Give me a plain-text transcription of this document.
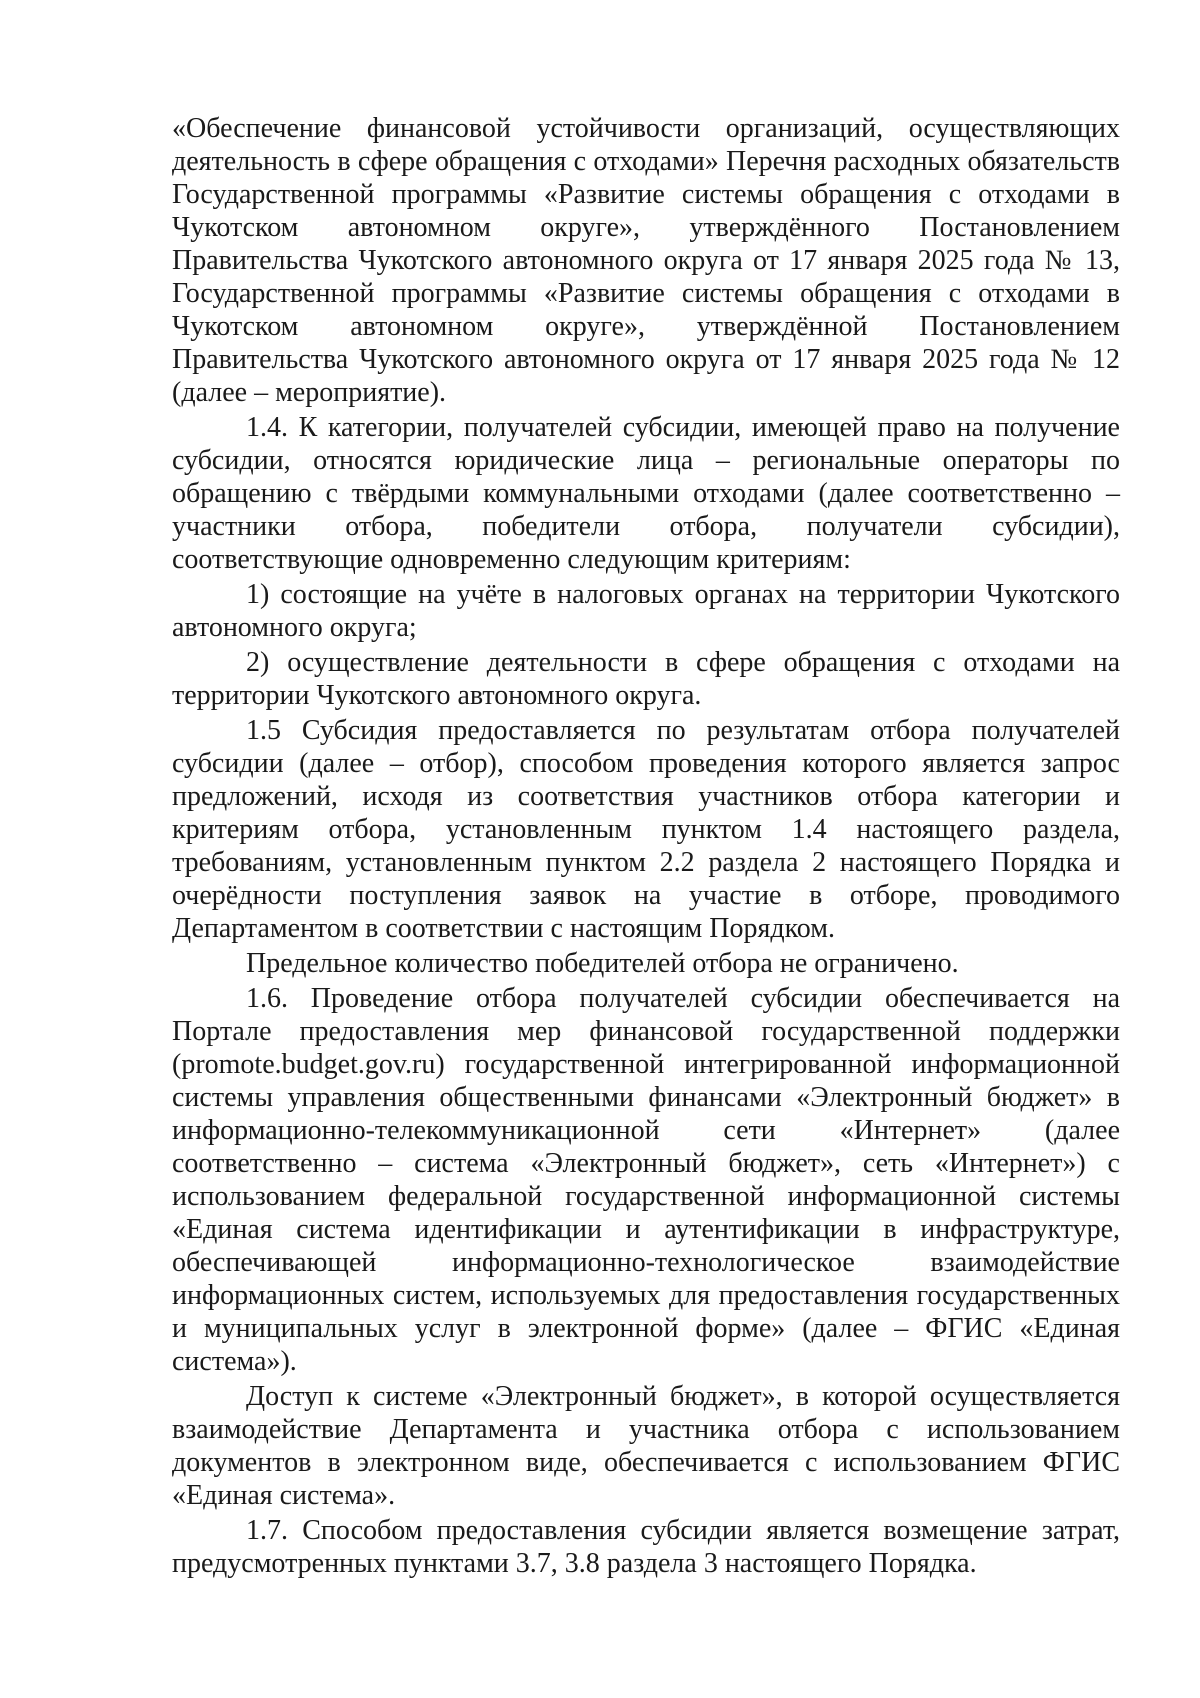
«Обеспечение финансовой устойчивости организаций, осуществляющих деятельность в сфере обращения с отходами» Перечня расходных обязательств Государственной программы «Развитие системы обращения с отходами в Чукотском автономном округе», утверждённого Постановлением Правительства Чукотского автономного округа от 17 января 2025 года № 13, Государственной программы «Развитие системы обращения с отходами в Чукотском автономном округе», утверждённой Постановлением Правительства Чукотского автономного округа от 17 января 2025 года № 12 (далее – мероприятие).

1.4. К категории, получателей субсидии, имеющей право на получение субсидии, относятся юридические лица – региональные операторы по обращению с твёрдыми коммунальными отходами (далее соответственно – участники отбора, победители отбора, получатели субсидии), соответствующие одновременно следующим критериям:

1) состоящие на учёте в налоговых органах на территории Чукотского автономного округа;

2) осуществление деятельности в сфере обращения с отходами на территории Чукотского автономного округа.

1.5 Субсидия предоставляется по результатам отбора получателей субсидии (далее – отбор), способом проведения которого является запрос предложений, исходя из соответствия участников отбора категории и критериям отбора, установленным пунктом 1.4 настоящего раздела, требованиям, установленным пунктом 2.2 раздела 2 настоящего Порядка и очерёдности поступления заявок на участие в отборе, проводимого Департаментом в соответствии с настоящим Порядком.

Предельное количество победителей отбора не ограничено.

1.6. Проведение отбора получателей субсидии обеспечивается на Портале предоставления мер финансовой государственной поддержки (promote.budget.gov.ru) государственной интегрированной информационной системы управления общественными финансами «Электронный бюджет» в информационно-телекоммуникационной сети «Интернет» (далее соответственно – система «Электронный бюджет», сеть «Интернет») с использованием федеральной государственной информационной системы «Единая система идентификации и аутентификации в инфраструктуре, обеспечивающей информационно-технологическое взаимодействие информационных систем, используемых для предоставления государственных и муниципальных услуг в электронной форме» (далее – ФГИС «Единая система»).

Доступ к системе «Электронный бюджет», в которой осуществляется взаимодействие Департамента и участника отбора с использованием документов в электронном виде, обеспечивается с использованием ФГИС «Единая система».

1.7. Способом предоставления субсидии является возмещение затрат, предусмотренных пунктами 3.7, 3.8 раздела 3 настоящего Порядка.
